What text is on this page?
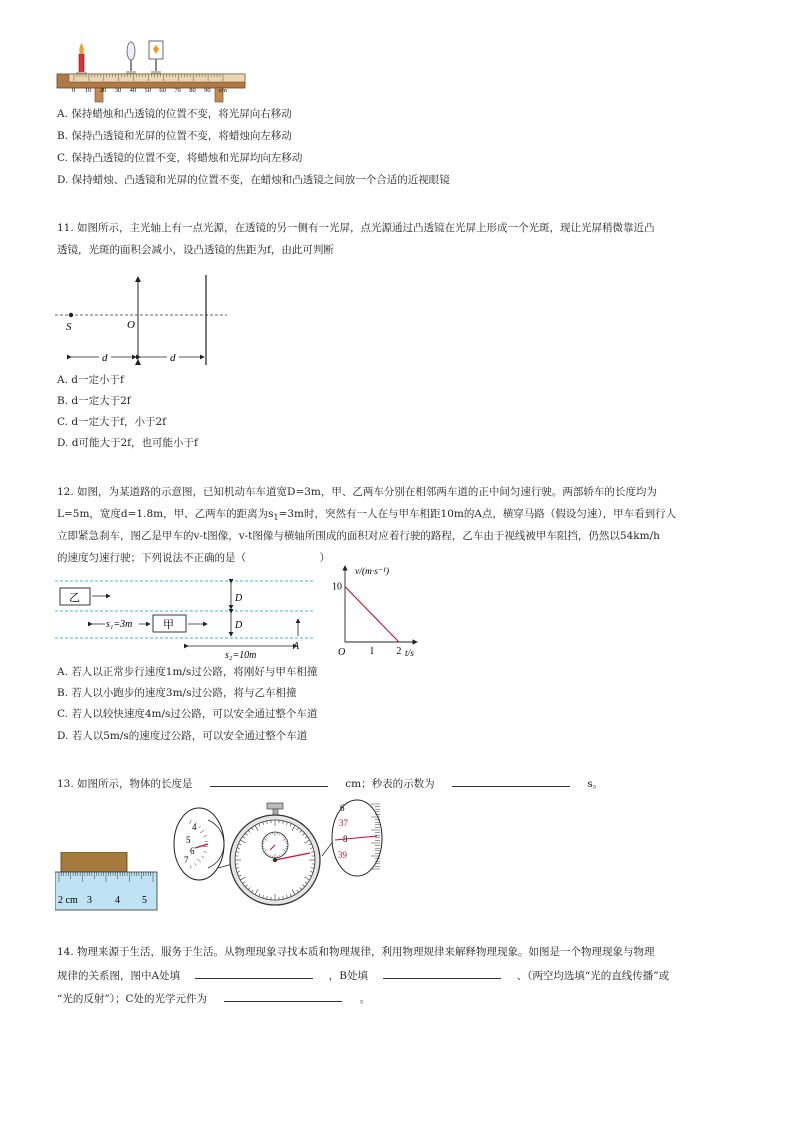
0 10 20 30 40 50 60 70 80 90 cm
A. 保持蜡烛和凸透镜的位置不变，将光屏向右移动
B. 保持凸透镜和光屏的位置不变，将蜡烛向左移动
C. 保持凸透镜的位置不变，将蜡烛和光屏均向左移动
D. 保持蜡烛、凸透镜和光屏的位置不变，在蜡烛和凸透镜之间放一个合适的近视眼镜
11. 如图所示，主光轴上有一点光源，在透镜的另一侧有一光屏，点光源通过凸透镜在光屏上形成一个光斑，现让光屏稍微靠近凸
透镜，光斑的面积会减小，设凸透镜的焦距为f，由此可判断
S	O
d	d
A. d一定小于f
B. d一定大于2f
C. d一定大于f，小于2f
D. d可能大于2f，也可能小于f
12. 如图，为某道路的示意图，已知机动车车道宽D=3m，甲、乙两车分别在相邻两车道的正中间匀速行驶。两部轿车的长度均为
L=5m，宽度d=1.8m，甲、乙两车的距离为$s_1=3m$时，突然有一人在与甲车相距10m的A点，横穿马路（假设匀速），甲车看到行人
立即紧急刹车，图乙是甲车的v-t图像，v-t图像与横轴所围成的面积对应着行驶的路程，乙车由于视线被甲车阻挡，仍然以54km/h
的速度匀速行驶；下列说法不正确的是（　　　　　　　）
乙
s₁=3m	甲
D
D
A
s₂=10m
v/(m·s⁻¹)
t/s
O
10
1 2
A. 若人以正常步行速度1m/s过公路，将刚好与甲车相撞
B. 若人以小跑步的速度3m/s过公路，将与乙车相撞
C. 若人以较快速度4m/s过公路，可以安全通过整个车道
D. 若人以5m/s的速度过公路，可以安全通过整个车道
13. 如图所示，物体的长度是	cm；秒表的示数为	s。
2 cm 3 4 5
4
5
6
7
6
37
39
14. 物理来源于生活，服务于生活。从物理现象寻找本质和物理规律，利用物理规律来解释物理现象。如图是一个物理现象与物理
规律的关系图，图中A处填	，B处填	、（两空均选填“光的直线传播”或
“光的反射”）；C处的光学元件为	。
